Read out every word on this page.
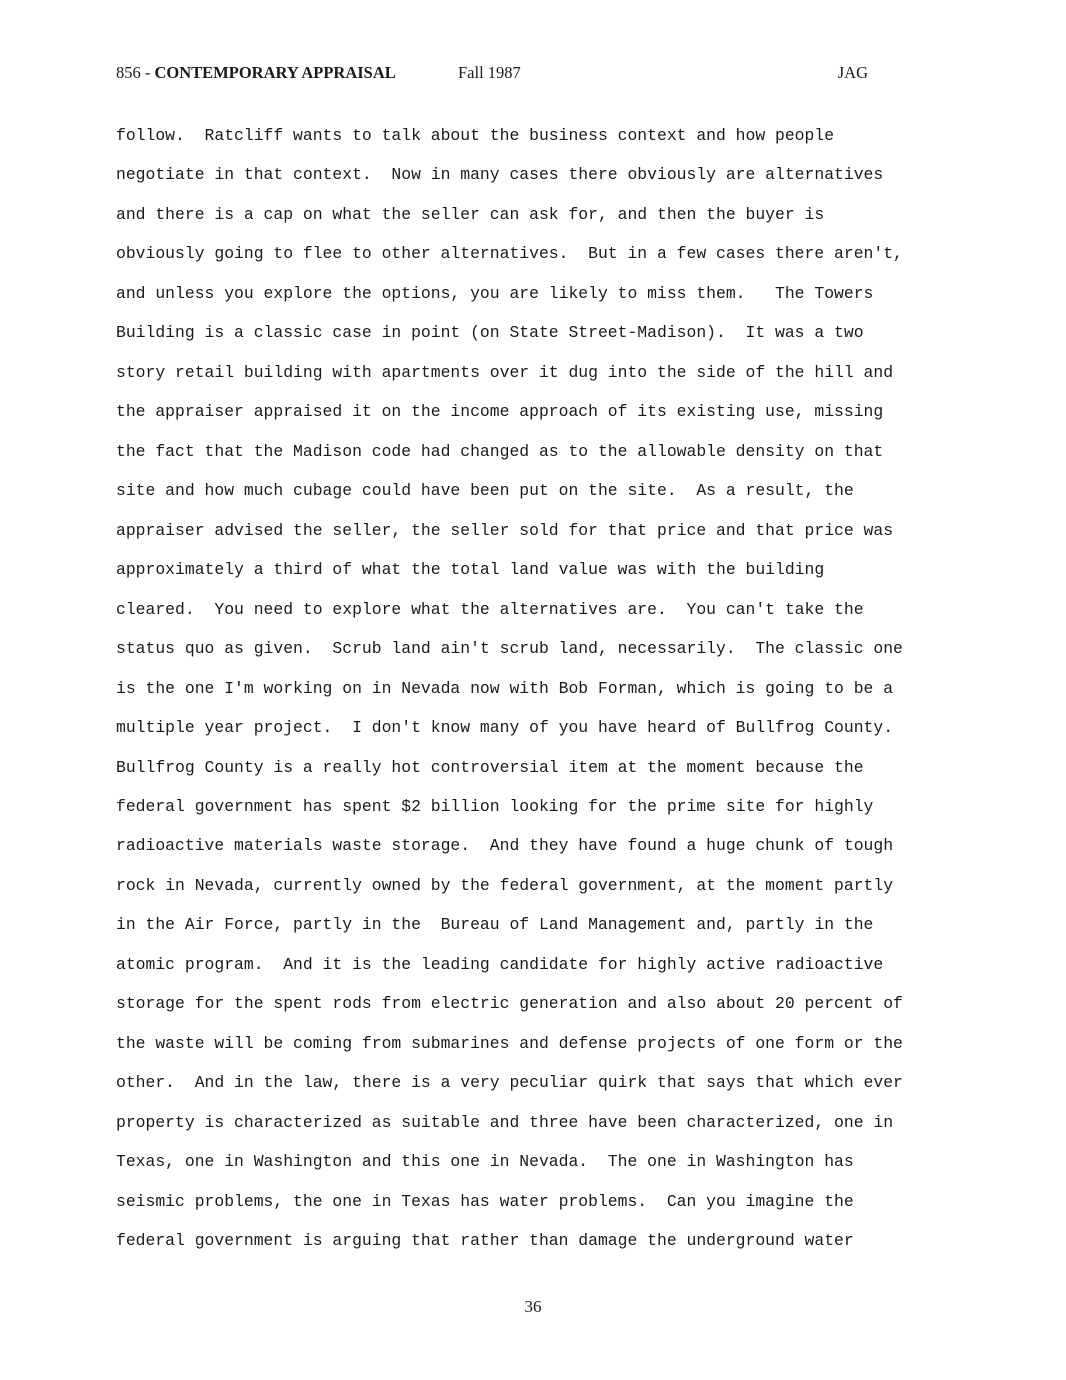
856 - CONTEMPORARY APPRAISAL	Fall 1987	JAG
follow.  Ratcliff wants to talk about the business context and how people
negotiate in that context.  Now in many cases there obviously are alternatives
and there is a cap on what the seller can ask for, and then the buyer is
obviously going to flee to other alternatives.  But in a few cases there aren't,
and unless you explore the options, you are likely to miss them.   The Towers
Building is a classic case in point (on State Street-Madison).  It was a two
story retail building with apartments over it dug into the side of the hill and
the appraiser appraised it on the income approach of its existing use, missing
the fact that the Madison code had changed as to the allowable density on that
site and how much cubage could have been put on the site.  As a result, the
appraiser advised the seller, the seller sold for that price and that price was
approximately a third of what the total land value was with the building
cleared.  You need to explore what the alternatives are.  You can't take the
status quo as given.  Scrub land ain't scrub land, necessarily.  The classic one
is the one I'm working on in Nevada now with Bob Forman, which is going to be a
multiple year project.  I don't know many of you have heard of Bullfrog County.
Bullfrog County is a really hot controversial item at the moment because the
federal government has spent $2 billion looking for the prime site for highly
radioactive materials waste storage.  And they have found a huge chunk of tough
rock in Nevada, currently owned by the federal government, at the moment partly
in the Air Force, partly in the  Bureau of Land Management and, partly in the
atomic program.  And it is the leading candidate for highly active radioactive
storage for the spent rods from electric generation and also about 20 percent of
the waste will be coming from submarines and defense projects of one form or the
other.  And in the law, there is a very peculiar quirk that says that which ever
property is characterized as suitable and three have been characterized, one in
Texas, one in Washington and this one in Nevada.  The one in Washington has
seismic problems, the one in Texas has water problems.  Can you imagine the
federal government is arguing that rather than damage the underground water
36
